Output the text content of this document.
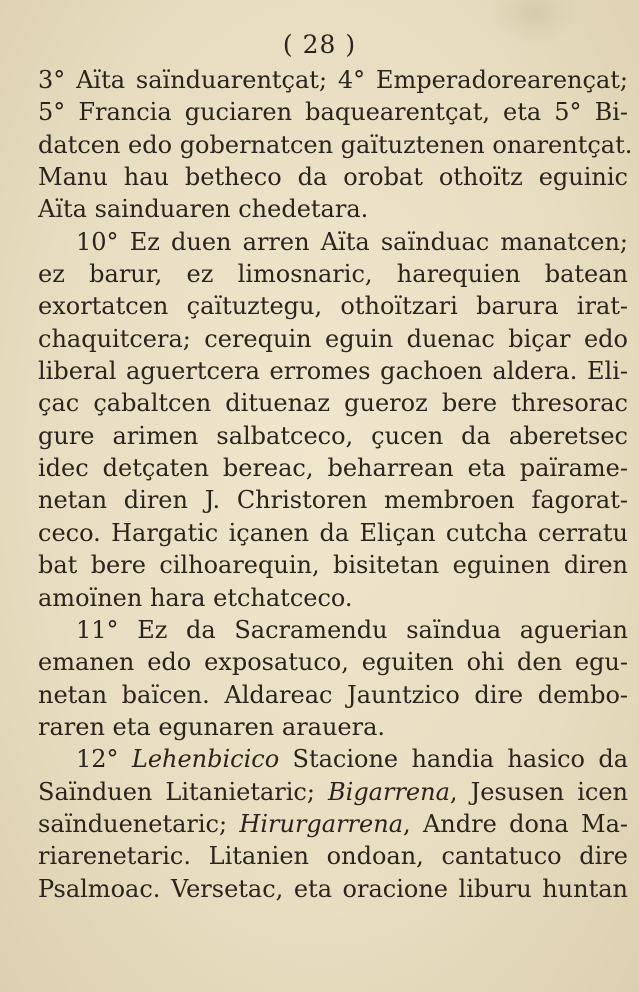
( 28 )
3° Aïta saïnduarentçat; 4° Emperadorearençat;
5° Francia guciaren baquearentçat, eta 5° Bi-
datcen edo gobernatcen gaïtuztenen onarentçat.
Manu hau betheco da orobat othoïtz eguinic
Aïta sainduaren chedetara.
10° Ez duen arren Aïta saïnduac manatcen;
ez barur, ez limosnaric, harequien batean
exortatcen çaïtuztegu, othoïtzari barura irat-
chaquitcera; cerequin eguin duenac biçar edo
liberal aguertcera erromes gachoen aldera. Eli-
çac çabaltcen dituenaz gueroz bere thresorac
gure arimen salbatceco, çucen da aberetsec
idec detçaten bereac, beharrean eta païrame-
netan diren J. Christoren membroen fagorat-
ceco. Hargatic içanen da Eliçan cutcha cerratu
bat bere cilhoarequin, bisitetan eguinen diren
amoïnen hara etchatceco.
11° Ez da Sacramendu saïndua aguerian
emanen edo exposatuco, eguiten ohi den egu-
netan baïcen. Aldareac Jauntzico dire dembo-
raren eta egunaren arauera.
12° Lehenbicico Stacione handia hasico da
Saïnduen Litanietaric; Bigarrena, Jesusen icen
saïnduenetaric; Hirurgarrena, Andre dona Ma-
riarenetaric. Litanien ondoan, cantatuco dire
Psalmoac. Versetac, eta oracione liburu huntan
